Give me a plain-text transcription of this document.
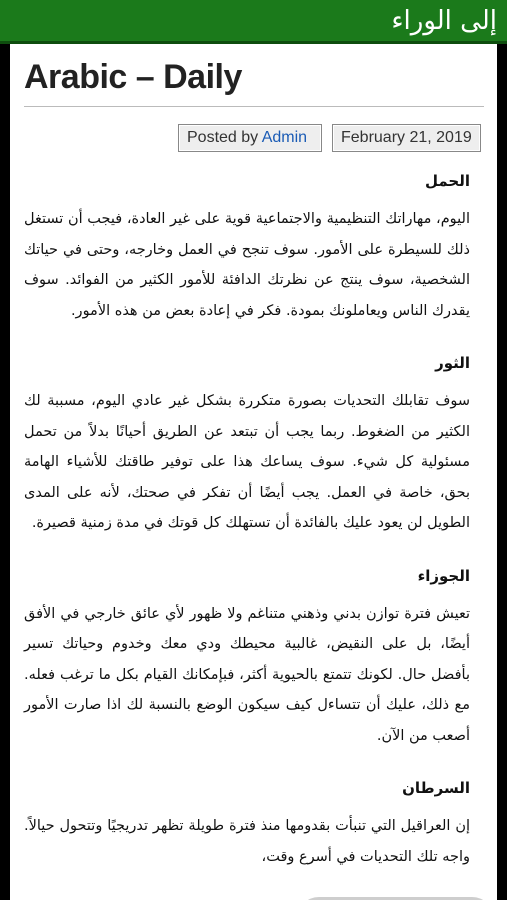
إلى الوراء
Arabic – Daily
Posted by Admin	February 21, 2019

الحمل

اليوم، مهاراتك التنظيمية والاجتماعية قوية على غير العادة، فيجب أن تستغل ذلك للسيطرة على الأمور. سوف تنجح في العمل وخارجه، وحتى في حياتك الشخصية، سوف ينتج عن نظرتك الدافئة للأمور الكثير من الفوائد. سوف يقدرك الناس ويعاملونك بمودة. فكر في إعادة بعض من هذه الأمور.

الثور

سوف تقابلك التحديات بصورة متكررة بشكل غير عادي اليوم، مسببة لك الكثير من الضغوط. ربما يجب أن تبتعد عن الطريق أحيانًا بدلاً من تحمل مسئولية كل شيء. سوف يساعك هذا على توفير طاقتك للأشياء الهامة بحق، خاصة في العمل. يجب أيضًا أن تفكر في صحتك، لأنه على المدى الطويل لن يعود عليك بالفائدة أن تستهلك كل قوتك في مدة زمنية قصيرة.

الجوزاء

تعيش فترة توازن بدني وذهني متناغم ولا ظهور لأي عائق خارجي في الأفق أيضًا، بل على النقيض، غالبية محيطك ودي معك وخدوم وحياتك تسير بأفضل حال. لكونك تتمتع بالحيوية أكثر، فبإمكانك القيام بكل ما ترغب فعله. مع ذلك، عليك أن تتساءل كيف سيكون الوضع بالنسبة لك اذا صارت الأمور أصعب من الآن.

السرطان

إن العراقيل التي تنبأت بقدومها منذ فترة طويلة تظهر تدريجيًا وتتحول حيالاً. واجه تلك التحديات في أسرع وقت،
